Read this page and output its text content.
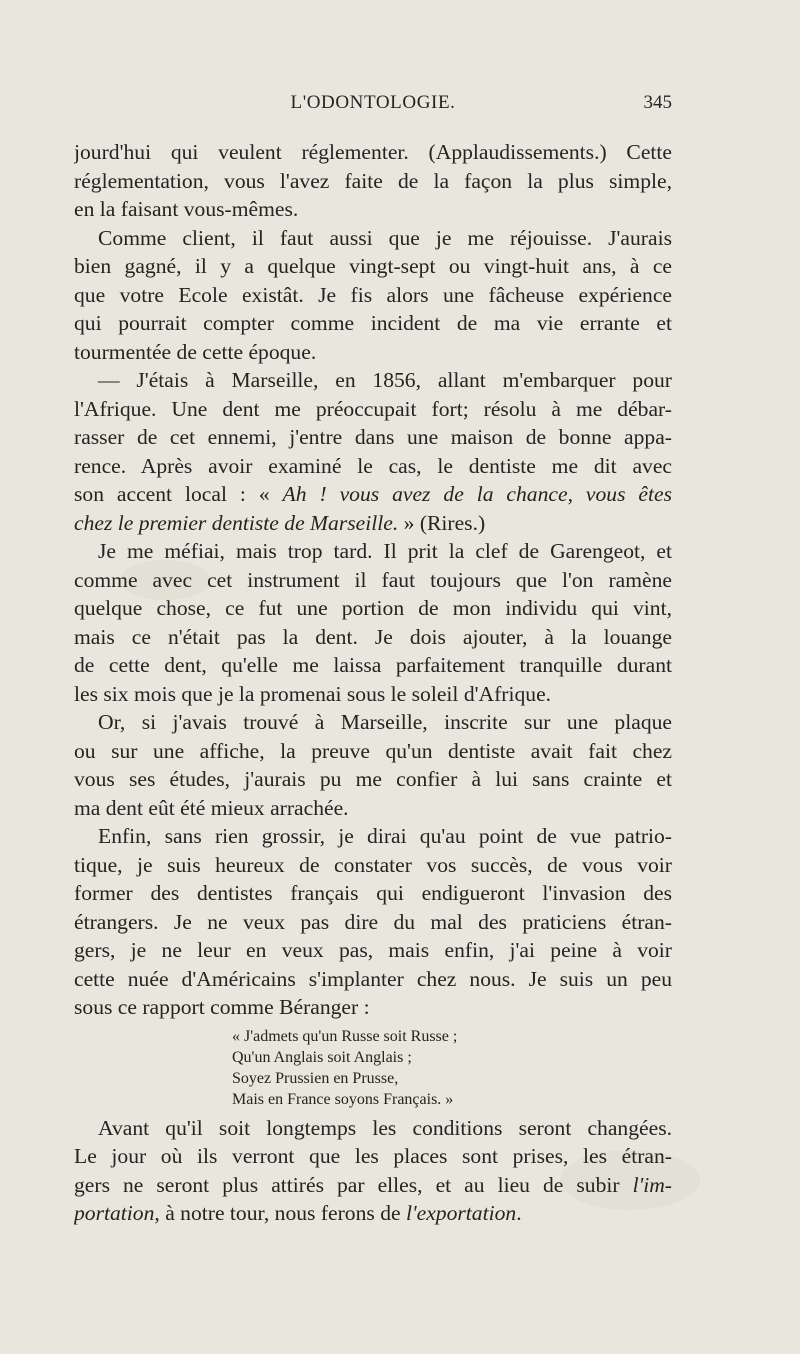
L'ODONTOLOGIE.	345
jourd'hui qui veulent réglementer. (Applaudissements.) Cette
réglementation, vous l'avez faite de la façon la plus simple,
en la faisant vous-mêmes.
Comme client, il faut aussi que je me réjouisse. J'aurais
bien gagné, il y a quelque vingt-sept ou vingt-huit ans, à ce
que votre Ecole existât. Je fis alors une fâcheuse expérience
qui pourrait compter comme incident de ma vie errante et
tourmentée de cette époque.
— J'étais à Marseille, en 1856, allant m'embarquer pour
l'Afrique. Une dent me préoccupait fort; résolu à me débar-
rasser de cet ennemi, j'entre dans une maison de bonne appa-
rence. Après avoir examiné le cas, le dentiste me dit avec
son accent local : « Ah ! vous avez de la chance, vous êtes
chez le premier dentiste de Marseille. » (Rires.)
Je me méfiai, mais trop tard. Il prit la clef de Garengeot, et
comme avec cet instrument il faut toujours que l'on ramène
quelque chose, ce fut une portion de mon individu qui vint,
mais ce n'était pas la dent. Je dois ajouter, à la louange
de cette dent, qu'elle me laissa parfaitement tranquille durant
les six mois que je la promenai sous le soleil d'Afrique.
Or, si j'avais trouvé à Marseille, inscrite sur une plaque
ou sur une affiche, la preuve qu'un dentiste avait fait chez
vous ses études, j'aurais pu me confier à lui sans crainte et
ma dent eût été mieux arrachée.
Enfin, sans rien grossir, je dirai qu'au point de vue patrio-
tique, je suis heureux de constater vos succès, de vous voir
former des dentistes français qui endigueront l'invasion des
étrangers. Je ne veux pas dire du mal des praticiens étran-
gers, je ne leur en veux pas, mais enfin, j'ai peine à voir
cette nuée d'Américains s'implanter chez nous. Je suis un peu
sous ce rapport comme Béranger :
« J'admets qu'un Russe soit Russe ;
Qu'un Anglais soit Anglais ;
Soyez Prussien en Prusse,
Mais en France soyons Français. »
Avant qu'il soit longtemps les conditions seront changées.
Le jour où ils verront que les places sont prises, les étran-
gers ne seront plus attirés par elles, et au lieu de subir l'im-
portation, à notre tour, nous ferons de l'exportation.
